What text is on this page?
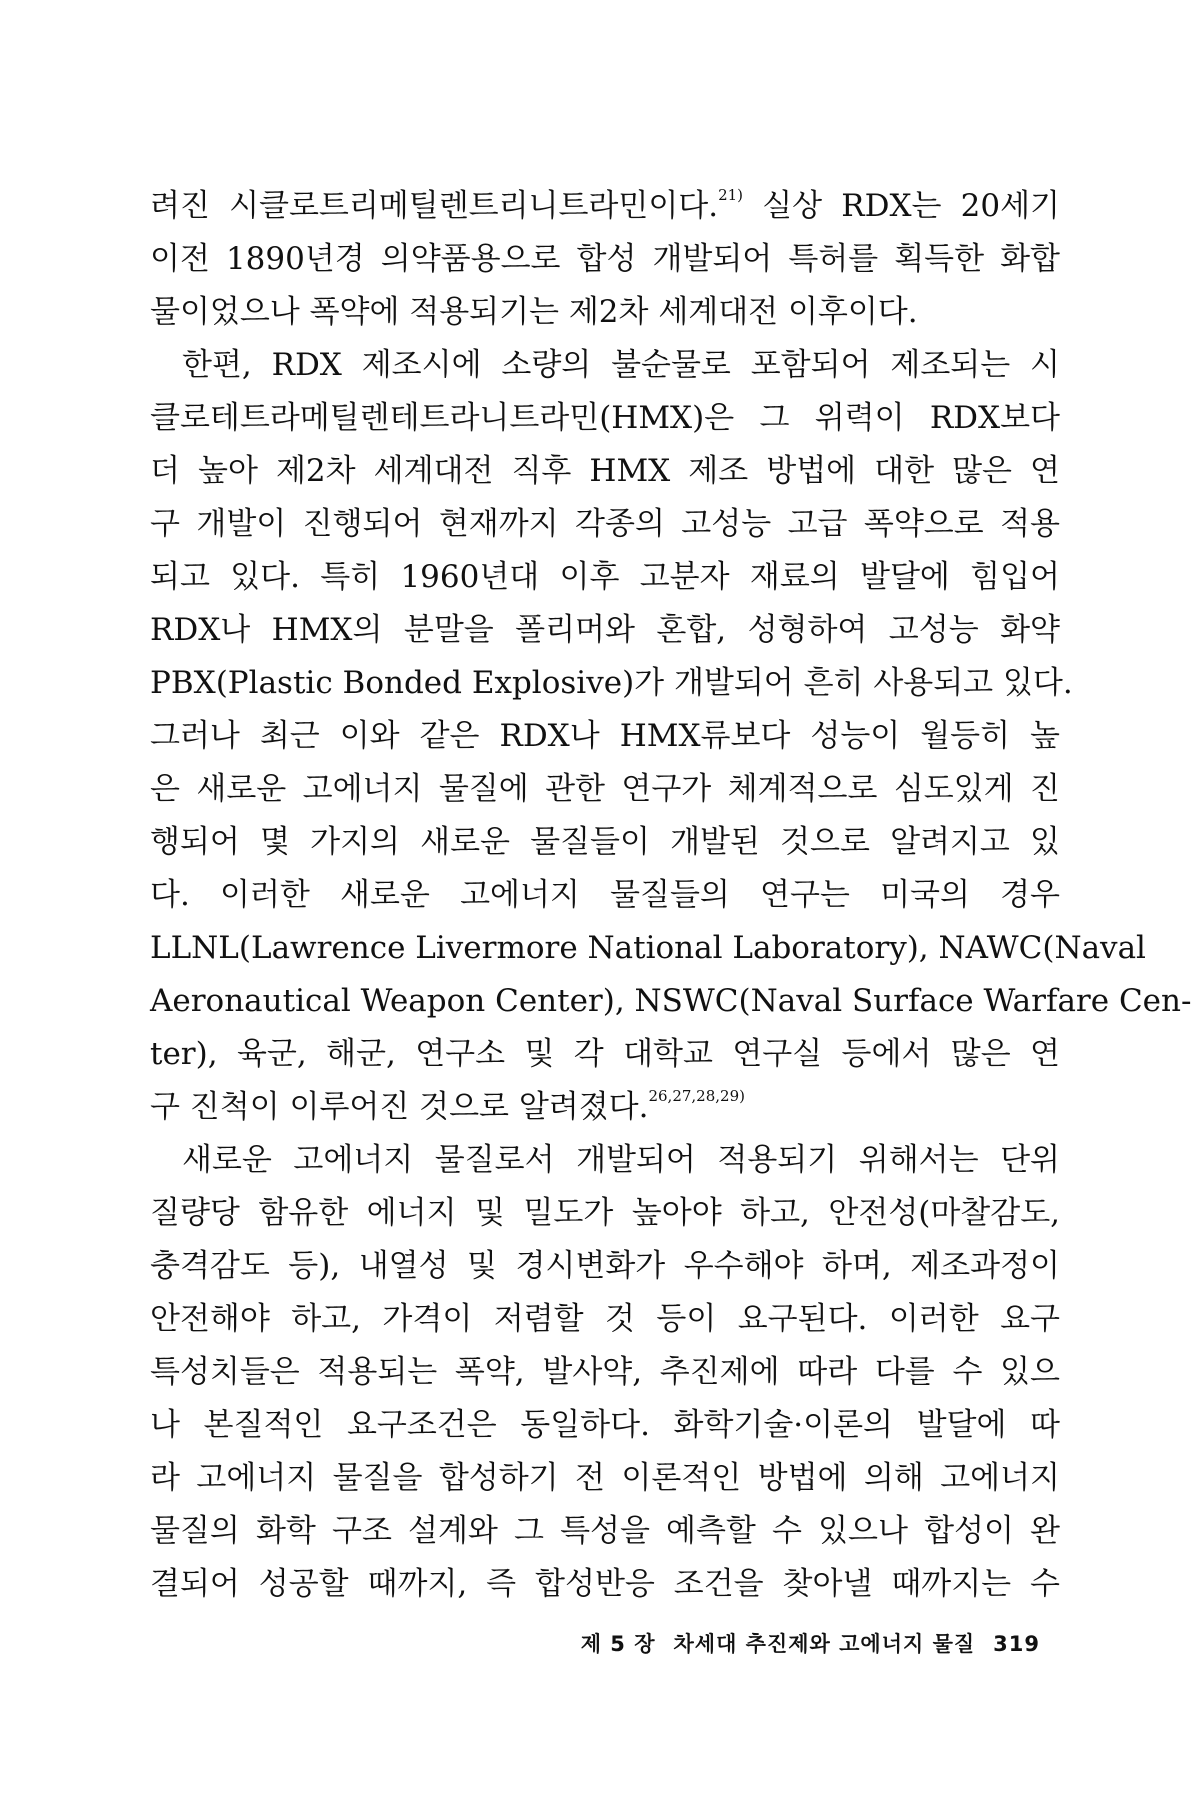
려진 시클로트리메틸렌트리니트라민이다.$^{21)}$ 실상 RDX는 20세기
이전 1890년경 의약품용으로 합성 개발되어 특허를 획득한 화합
물이었으나 폭약에 적용되기는 제2차 세계대전 이후이다.
한편, RDX 제조시에 소량의 불순물로 포함되어 제조되는 시
클로테트라메틸렌테트라니트라민(HMX)은 그 위력이 RDX보다
더 높아 제2차 세계대전 직후 HMX 제조 방법에 대한 많은 연
구 개발이 진행되어 현재까지 각종의 고성능 고급 폭약으로 적용
되고 있다. 특히 1960년대 이후 고분자 재료의 발달에 힘입어
RDX나 HMX의 분말을 폴리머와 혼합, 성형하여 고성능 화약
PBX(Plastic Bonded Explosive)가 개발되어 흔히 사용되고 있다.
그러나 최근 이와 같은 RDX나 HMX류보다 성능이 월등히 높
은 새로운 고에너지 물질에 관한 연구가 체계적으로 심도있게 진
행되어 몇 가지의 새로운 물질들이 개발된 것으로 알려지고 있
다. 이러한 새로운 고에너지 물질들의 연구는 미국의 경우
LLNL(Lawrence Livermore National Laboratory), NAWC(Naval
Aeronautical Weapon Center), NSWC(Naval Surface Warfare Cen-
ter), 육군, 해군, 연구소 및 각 대학교 연구실 등에서 많은 연
구 진척이 이루어진 것으로 알려졌다.$^{26,27,28,29)}$
새로운 고에너지 물질로서 개발되어 적용되기 위해서는 단위
질량당 함유한 에너지 및 밀도가 높아야 하고, 안전성(마찰감도,
충격감도 등), 내열성 및 경시변화가 우수해야 하며, 제조과정이
안전해야 하고, 가격이 저렴할 것 등이 요구된다. 이러한 요구
특성치들은 적용되는 폭약, 발사약, 추진제에 따라 다를 수 있으
나 본질적인 요구조건은 동일하다. 화학기술·이론의 발달에 따
라 고에너지 물질을 합성하기 전 이론적인 방법에 의해 고에너지
물질의 화학 구조 설계와 그 특성을 예측할 수 있으나 합성이 완
결되어 성공할 때까지, 즉 합성반응 조건을 찾아낼 때까지는 수
제 5 장 차세대 추진제와 고에너지 물질 319
